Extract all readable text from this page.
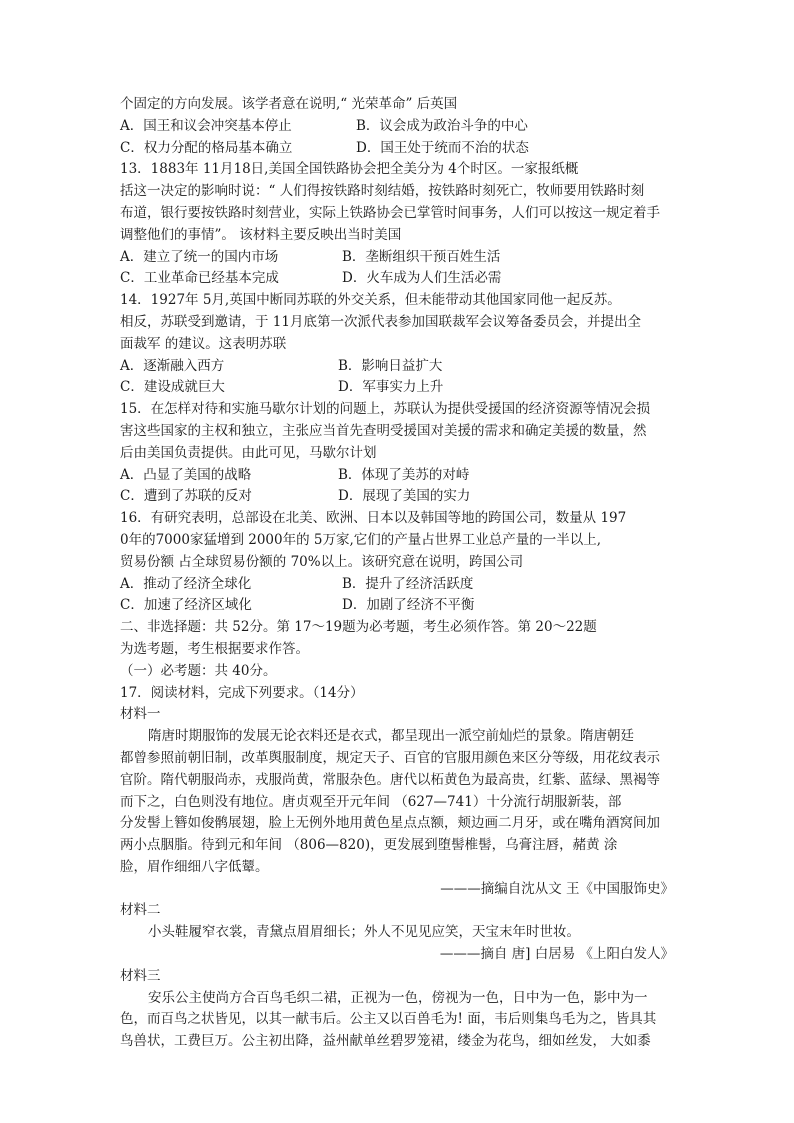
个固定的方向发展。该学者意在说明,“ 光荣革命” 后英国
A．国王和议会冲突基本停止	B．议会成为政治斗争的中心
C．权力分配的格局基本确立	D．国王处于统而不治的状态
13．1883年 11月18日,美国全国铁路协会把全美分为 4个时区。一家报纸概
括这一决定的影响时说：“ 人们得按铁路时刻结婚，按铁路时刻死亡，牧师要用铁路时刻
布道，银行要按铁路时刻营业，实际上铁路协会已掌管时间事务，人们可以按这一规定着手
调整他们的事情”。 该材料主要反映出当时美国
A．建立了统一的国内市场	B．垄断组织干预百姓生活
C．工业革命已经基本完成	D．火车成为人们生活必需
14．1927年 5月,英国中断同苏联的外交关系，但未能带动其他国家同他一起反苏。
相反，苏联受到邀请，于 11月底第一次派代表参加国联裁军会议筹备委员会，并提出全
面裁军 的建议。这表明苏联
A．逐渐融入西方	B．影响日益扩大
C．建设成就巨大	D．军事实力上升
15．在怎样对待和实施马歇尔计划的问题上，苏联认为提供受援国的经济资源等情况会损
害这些国家的主权和独立，主张应当首先查明受援国对美援的需求和确定美援的数量，然
后由美国负责提供。由此可见，马歇尔计划
A．凸显了美国的战略	B．体现了美苏的对峙
C．遭到了苏联的反对	D．展现了美国的实力
16．有研究表明，总部设在北美、欧洲、日本以及韩国等地的跨国公司，数量从 197
0年的7000家猛增到 2000年的 5万家,它们的产量占世界工业总产量的一半以上,
贸易份额 占全球贸易份额的 70%以上。该研究意在说明，跨国公司
A．推动了经济全球化	B．提升了经济活跃度
C．加速了经济区域化	D．加剧了经济不平衡
二、非选择题：共 52分。第 17～19题为必考题，考生必须作答。第 20～22题
为选考题，考生根据要求作答。
（一）必考题：共 40分。
17．阅读材料，完成下列要求。（14分）
材料一
隋唐时期服饰的发展无论衣料还是衣式，都呈现出一派空前灿烂的景象。隋唐朝廷
都曾参照前朝旧制，改革舆服制度，规定天子、百官的官服用颜色来区分等级，用花纹表示
官阶。隋代朝服尚赤，戎服尚黄，常服杂色。唐代以柘黄色为最高贵，红紫、蓝绿、黑褐等
而下之，白色则没有地位。唐贞观至开元年间 （627—741）十分流行胡服新装，部
分发髻上簪如俊鹘展翅，脸上无例外地用黄色星点点额，颊边画二月牙，或在嘴角酒窝间加
两小点胭脂。待到元和年间 （806—820)，更发展到堕髻椎髻，乌膏注唇，赭黄 涂
脸，眉作细细八字低颦。
———摘编自沈从文 王《中国服饰史》
材料二
小头鞋履窄衣裳，青黛点眉眉细长；外人不见见应笑，天宝末年时世妆。
———摘自 唐] 白居易 《上阳白发人》
材料三
安乐公主使尚方合百鸟毛织二裙，正视为一色，傍视为一色，日中为一色，影中为一
色，而百鸟之状皆见，以其一献韦后。公主又以百兽毛为! 面，韦后则集鸟毛为之，皆具其
鸟兽状，工费巨万。公主初出降，益州献单丝碧罗笼裙，缕金为花鸟，细如丝发， 大如黍
